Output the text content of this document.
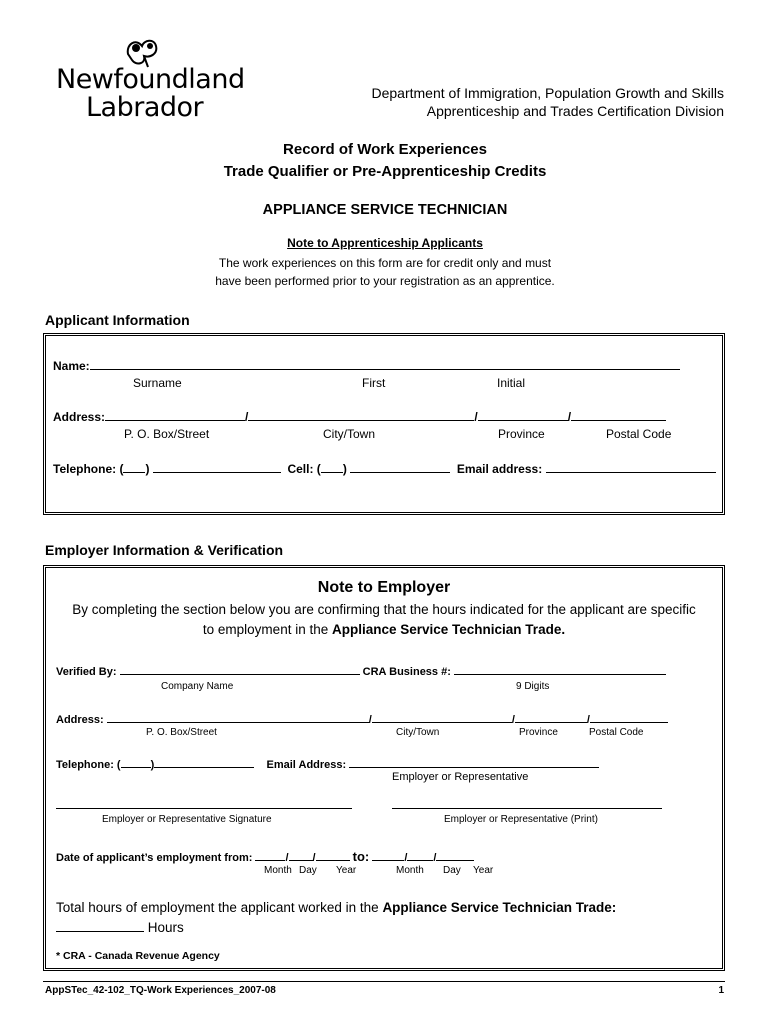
Newfoundland
Labrador	Department of Immigration, Population Growth and Skills
Apprenticeship and Trades Certification Division
Record of Work Experiences
Trade Qualifier or Pre-Apprenticeship Credits
APPLIANCE SERVICE TECHNICIAN
Note to Apprenticeship Applicants
The work experiences on this form are for credit only and must
have been performed prior to your registration as an apprentice.
Applicant Information
Name:
Surname	First	Initial
Address:	/	/	/
P. O. Box/Street	City/Town	Province	Postal Code
Telephone: ( )	Cell: ( )	Email address:
Employer Information & Verification
Note to Employer
By completing the section below you are confirming that the hours indicated for the applicant are specific
to employment in the Appliance Service Technician Trade.
Verified By:	CRA Business #:
Company Name	9 Digits
Address:	/	/	/
P. O. Box/Street	City/Town	Province	Postal Code
Telephone: (	)	Email Address:
Employer or Representative
Employer or Representative Signature	Employer or Representative (Print)
Date of applicant’s employment from:	/ /	to:	/ /
Month Day Year	Month Day Year
Total hours of employment the applicant worked in the Appliance Service Technician Trade:
Hours
* CRA - Canada Revenue Agency
AppSTec_42-102_TQ-Work Experiences_2007-08	1
